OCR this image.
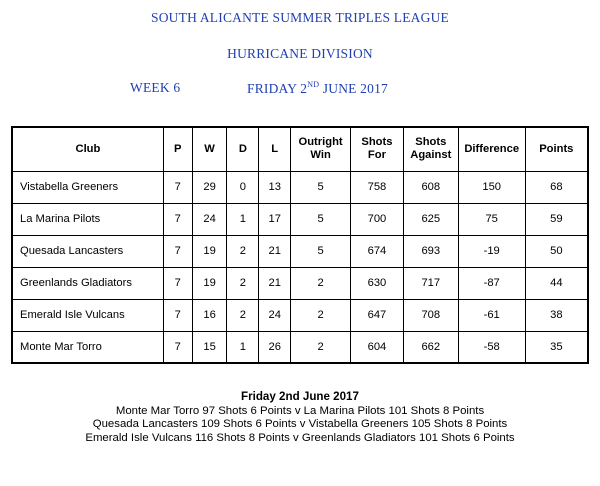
SOUTH ALICANTE SUMMER TRIPLES LEAGUE
HURRICANE DIVISION
WEEK 6	FRIDAY 2ND JUNE 2017
Club	P	W	D	L	Outright Win	Shots For	Shots Against	Difference	Points
Vistabella Greeners	7	29	0	13	5	758	608	150	68
La Marina Pilots	7	24	1	17	5	700	625	75	59
Quesada Lancasters	7	19	2	21	5	674	693	-19	50
Greenlands Gladiators	7	19	2	21	2	630	717	-87	44
Emerald Isle Vulcans	7	16	2	24	2	647	708	-61	38
Monte Mar Torro	7	15	1	26	2	604	662	-58	35
Friday 2nd June 2017
Monte Mar Torro 97 Shots 6 Points v La Marina Pilots 101 Shots 8 Points
Quesada Lancasters 109 Shots 6 Points v Vistabella Greeners 105 Shots 8 Points
Emerald Isle Vulcans 116 Shots 8 Points v Greenlands Gladiators 101 Shots 6 Points
